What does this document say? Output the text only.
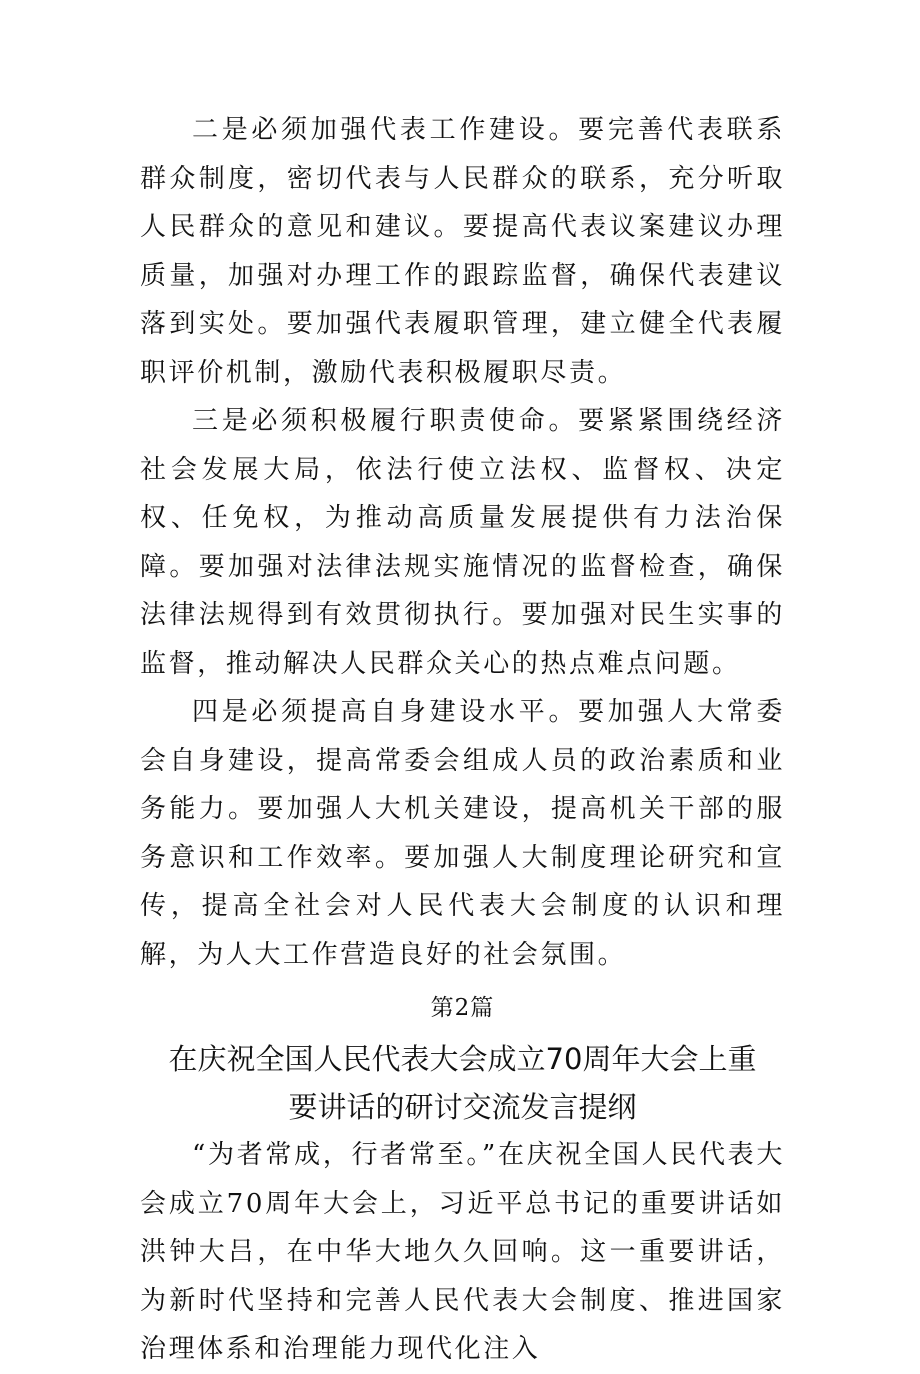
二是必须加强代表工作建设。要完善代表联系群众制度，密切代表与人民群众的联系，充分听取人民群众的意见和建议。要提高代表议案建议办理质量，加强对办理工作的跟踪监督，确保代表建议落到实处。要加强代表履职管理，建立健全代表履职评价机制，激励代表积极履职尽责。

三是必须积极履行职责使命。要紧紧围绕经济社会发展大局，依法行使立法权、监督权、决定权、任免权，为推动高质量发展提供有力法治保障。要加强对法律法规实施情况的监督检查，确保法律法规得到有效贯彻执行。要加强对民生实事的监督，推动解决人民群众关心的热点难点问题。

四是必须提高自身建设水平。要加强人大常委会自身建设，提高常委会组成人员的政治素质和业务能力。要加强人大机关建设，提高机关干部的服务意识和工作效率。要加强人大制度理论研究和宣传，提高全社会对人民代表大会制度的认识和理解，为人大工作营造良好的社会氛围。

第2篇
在庆祝全国人民代表大会成立70周年大会上重
要讲话的研讨交流发言提纲

“为者常成，行者常至。”在庆祝全国人民代表大会成立70周年大会上，习近平总书记的重要讲话如洪钟大吕，在中华大地久久回响。这一重要讲话，为新时代坚持和完善人民代表大会制度、推进国家治理体系和治理能力现代化注入
